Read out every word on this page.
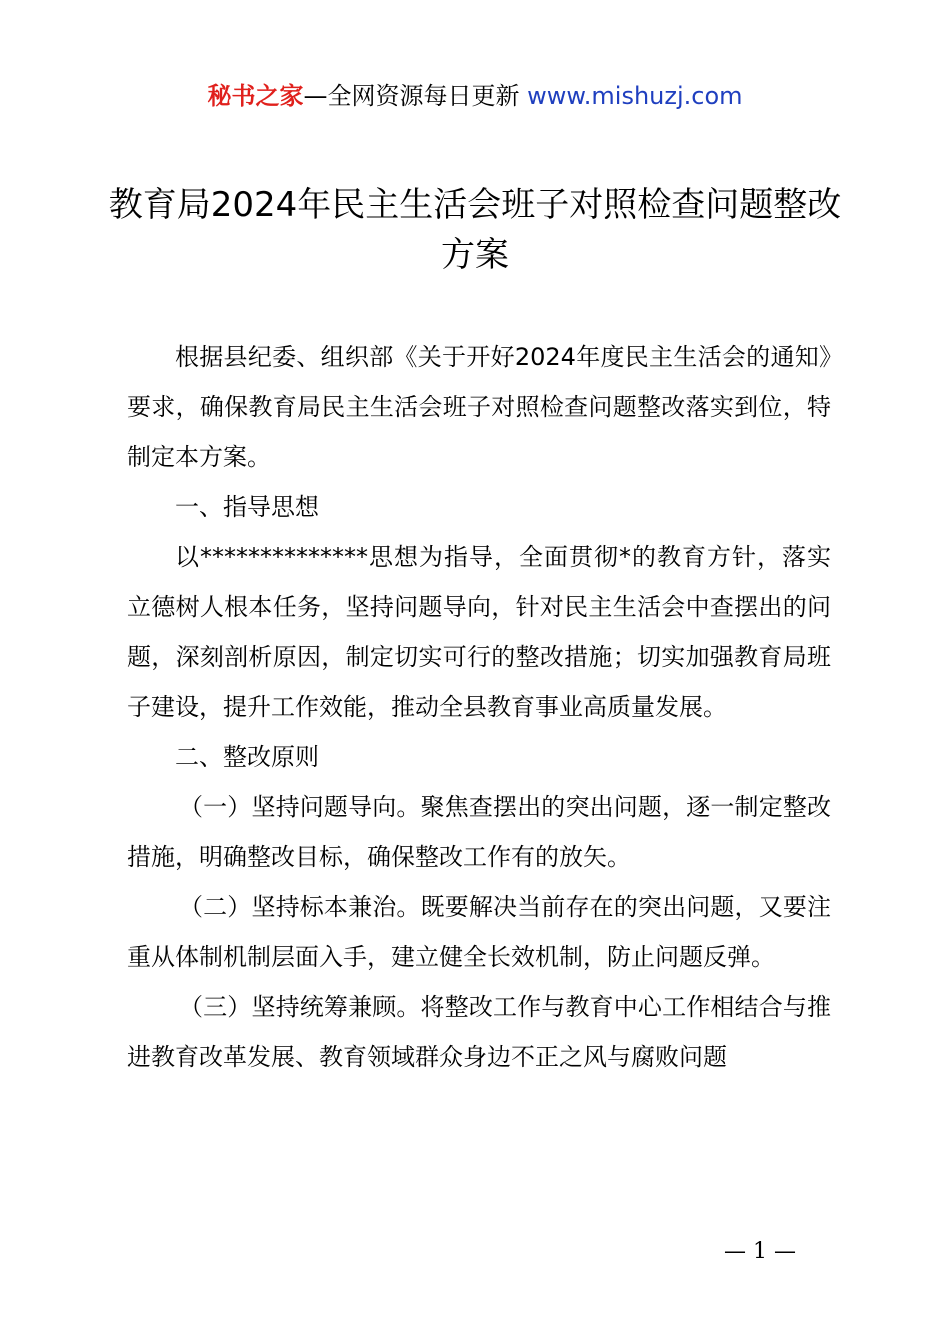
秘书之家—全网资源每日更新 www.mishuzj.com
教育局2024年民主生活会班子对照检查问题整改方案

根据县纪委、组织部《关于开好2024年度民主生活会的通知》要求，确保教育局民主生活会班子对照检查问题整改落实到位，特制定本方案。

一、指导思想

以**************思想为指导，全面贯彻*的教育方针，落实立德树人根本任务，坚持问题导向，针对民主生活会中查摆出的问题，深刻剖析原因，制定切实可行的整改措施；切实加强教育局班子建设，提升工作效能，推动全县教育事业高质量发展。

二、整改原则

（一）坚持问题导向。聚焦查摆出的突出问题，逐一制定整改措施，明确整改目标，确保整改工作有的放矢。

（二）坚持标本兼治。既要解决当前存在的突出问题，又要注重从体制机制层面入手，建立健全长效机制，防止问题反弹。

（三）坚持统筹兼顾。将整改工作与教育中心工作相结合与推进教育改革发展、教育领域群众身边不正之风与腐败问题

— 1 —
